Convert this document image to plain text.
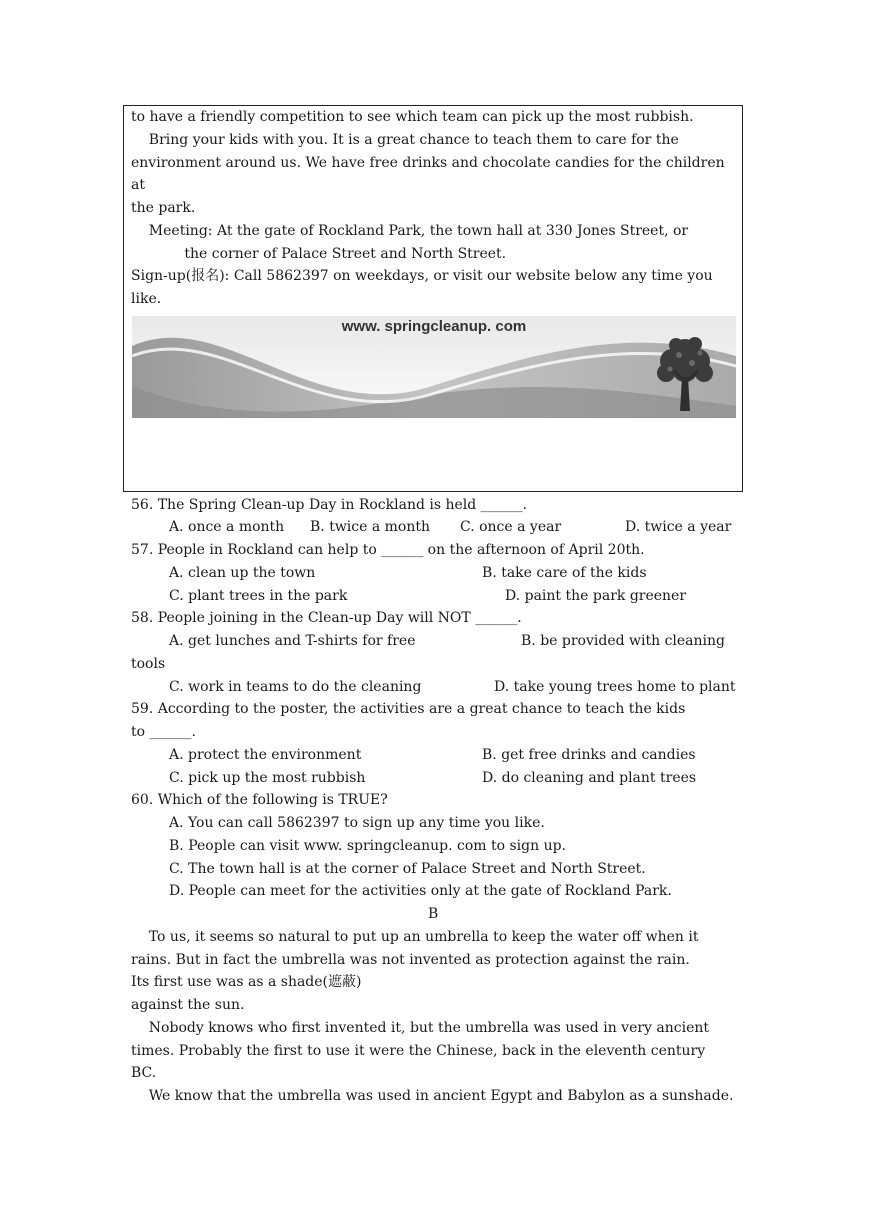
to have a friendly competition to see which team can pick up the most rubbish.
Bring your kids with you. It is a great chance to teach them to care for the
environment around us. We have free drinks and chocolate candies for the children
at
the park.
Meeting: At the gate of Rockland Park, the town hall at 330 Jones Street, or
the corner of Palace Street and North Street.
Sign-up(报名): Call 5862397 on weekdays, or visit our website below any time you
like.
www. springcleanup. com
56. The Spring Clean-up Day in Rockland is held ______.
A. once a month B. twice a month C. once a year	D. twice a year
57. People in Rockland can help to ______ on the afternoon of April 20th.
A. clean up the town	B. take care of the kids
C. plant trees in the park	D. paint the park greener
58. People joining in the Clean-up Day will NOT ______.
A. get lunches and T-shirts for free	B. be provided with cleaning
tools
C. work in teams to do the cleaning	D. take young trees home to plant
59. According to the poster, the activities are a great chance to teach the kids
to ______.
A. protect the environment	B. get free drinks and candies
C. pick up the most rubbish	D. do cleaning and plant trees
60. Which of the following is TRUE?
A. You can call 5862397 to sign up any time you like.
B. People can visit www. springcleanup. com to sign up.
C. The town hall is at the corner of Palace Street and North Street.
D. People can meet for the activities only at the gate of Rockland Park.
B
To us, it seems so natural to put up an umbrella to keep the water off when it
rains. But in fact the umbrella was not invented as protection against the rain.
Its first use was as a shade(遮蔽)
against the sun.
Nobody knows who first invented it, but the umbrella was used in very ancient
times. Probably the first to use it were the Chinese, back in the eleventh century
BC.
We know that the umbrella was used in ancient Egypt and Babylon as a sunshade.
